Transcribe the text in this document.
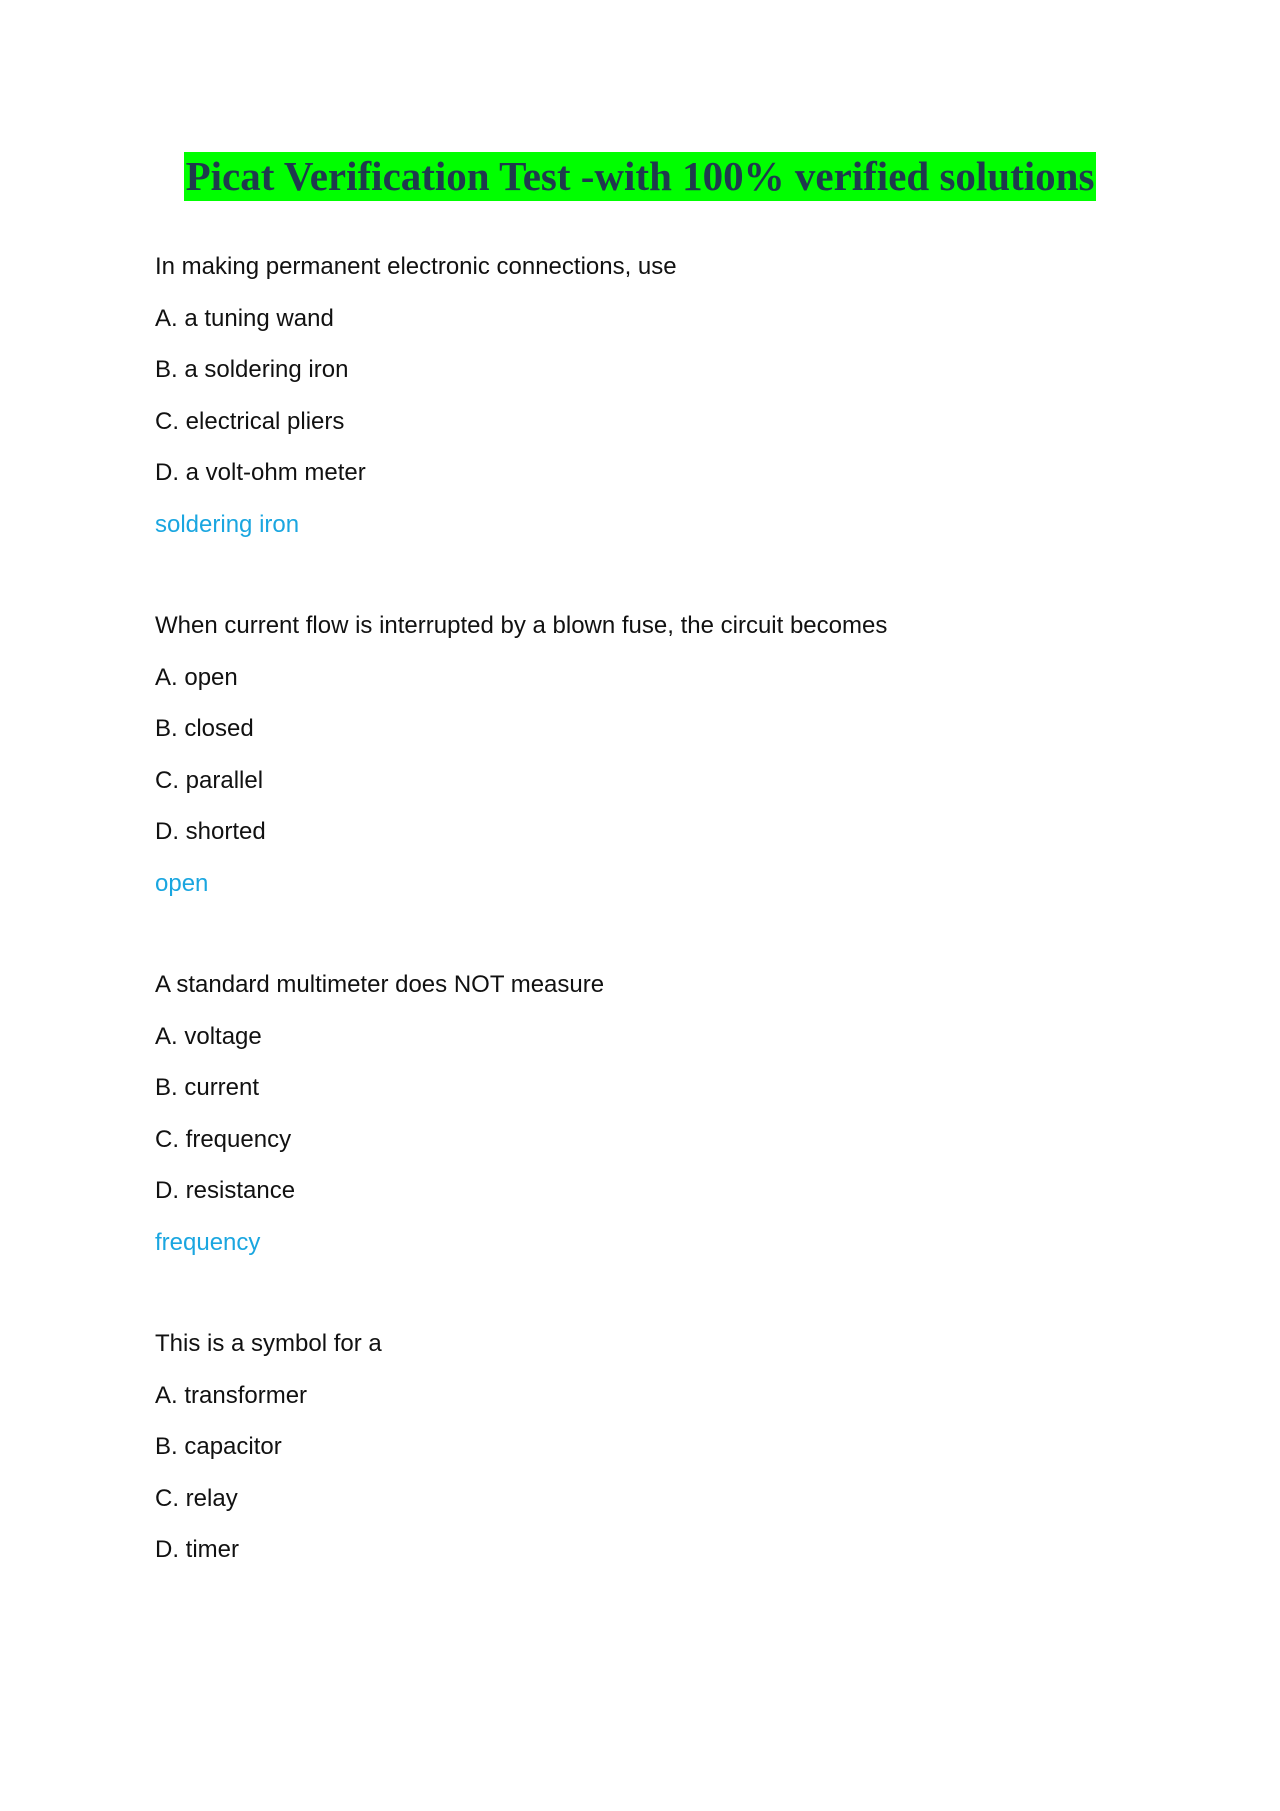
Picat Verification Test -with 100% verified solutions
In making permanent electronic connections, use
A. a tuning wand
B. a soldering iron
C. electrical pliers
D. a volt-ohm meter
soldering iron
When current flow is interrupted by a blown fuse, the circuit becomes
A. open
B. closed
C. parallel
D. shorted
open
A standard multimeter does NOT measure
A. voltage
B. current
C. frequency
D. resistance
frequency
This is a symbol for a
A. transformer
B. capacitor
C. relay
D. timer
